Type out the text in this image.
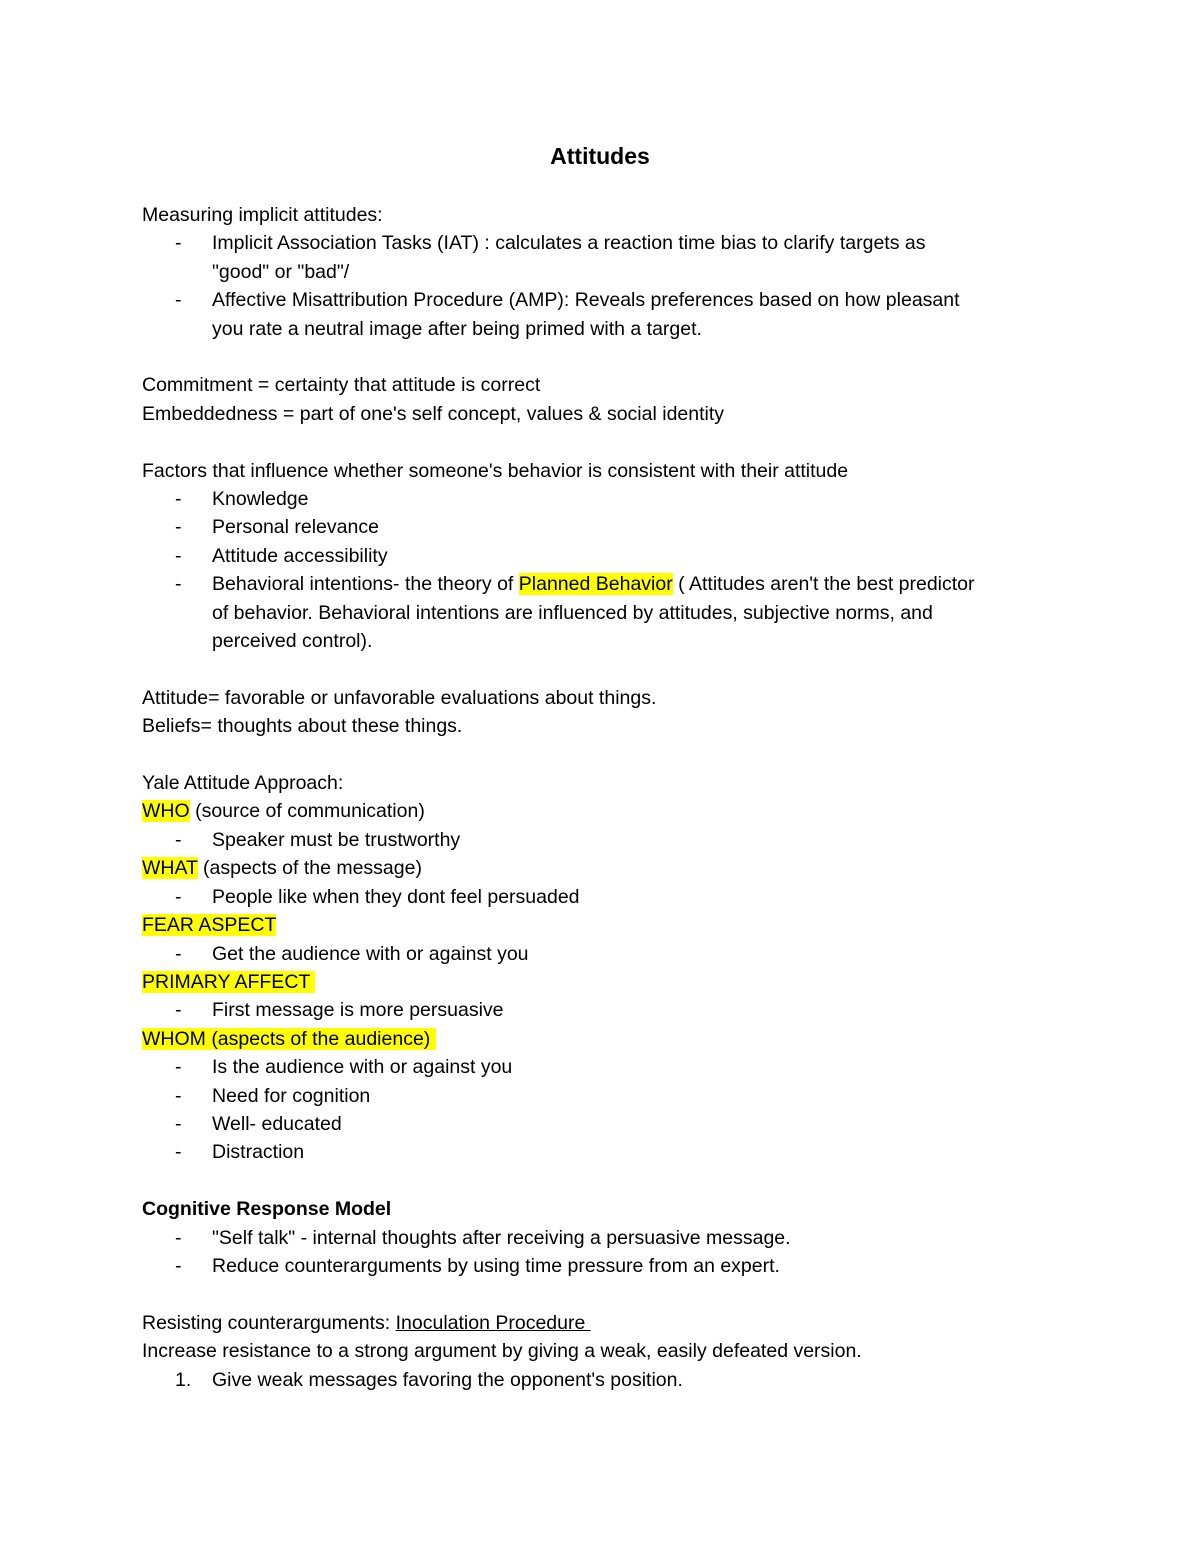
Attitudes
Measuring implicit attitudes:
- Implicit Association Tasks (IAT) : calculates a reaction time bias to clarify targets as
"good" or "bad"/
- Affective Misattribution Procedure (AMP): Reveals preferences based on how pleasant
you rate a neutral image after being primed with a target.
Commitment = certainty that attitude is correct
Embeddedness = part of one's self concept, values & social identity
Factors that influence whether someone's behavior is consistent with their attitude
- Knowledge
- Personal relevance
- Attitude accessibility
- Behavioral intentions- the theory of Planned Behavior ( Attitudes aren't the best predictor
of behavior. Behavioral intentions are influenced by attitudes, subjective norms, and
perceived control).
Attitude= favorable or unfavorable evaluations about things.
Beliefs= thoughts about these things.
Yale Attitude Approach:
WHO (source of communication)
- Speaker must be trustworthy
WHAT (aspects of the message)
- People like when they dont feel persuaded
FEAR ASPECT
- Get the audience with or against you
PRIMARY AFFECT
- First message is more persuasive
WHOM (aspects of the audience)
- Is the audience with or against you
- Need for cognition
- Well- educated
- Distraction
Cognitive Response Model
- "Self talk" - internal thoughts after receiving a persuasive message.
- Reduce counterarguments by using time pressure from an expert.
Resisting counterarguments: Inoculation Procedure
Increase resistance to a strong argument by giving a weak, easily defeated version.
1. Give weak messages favoring the opponent's position.
